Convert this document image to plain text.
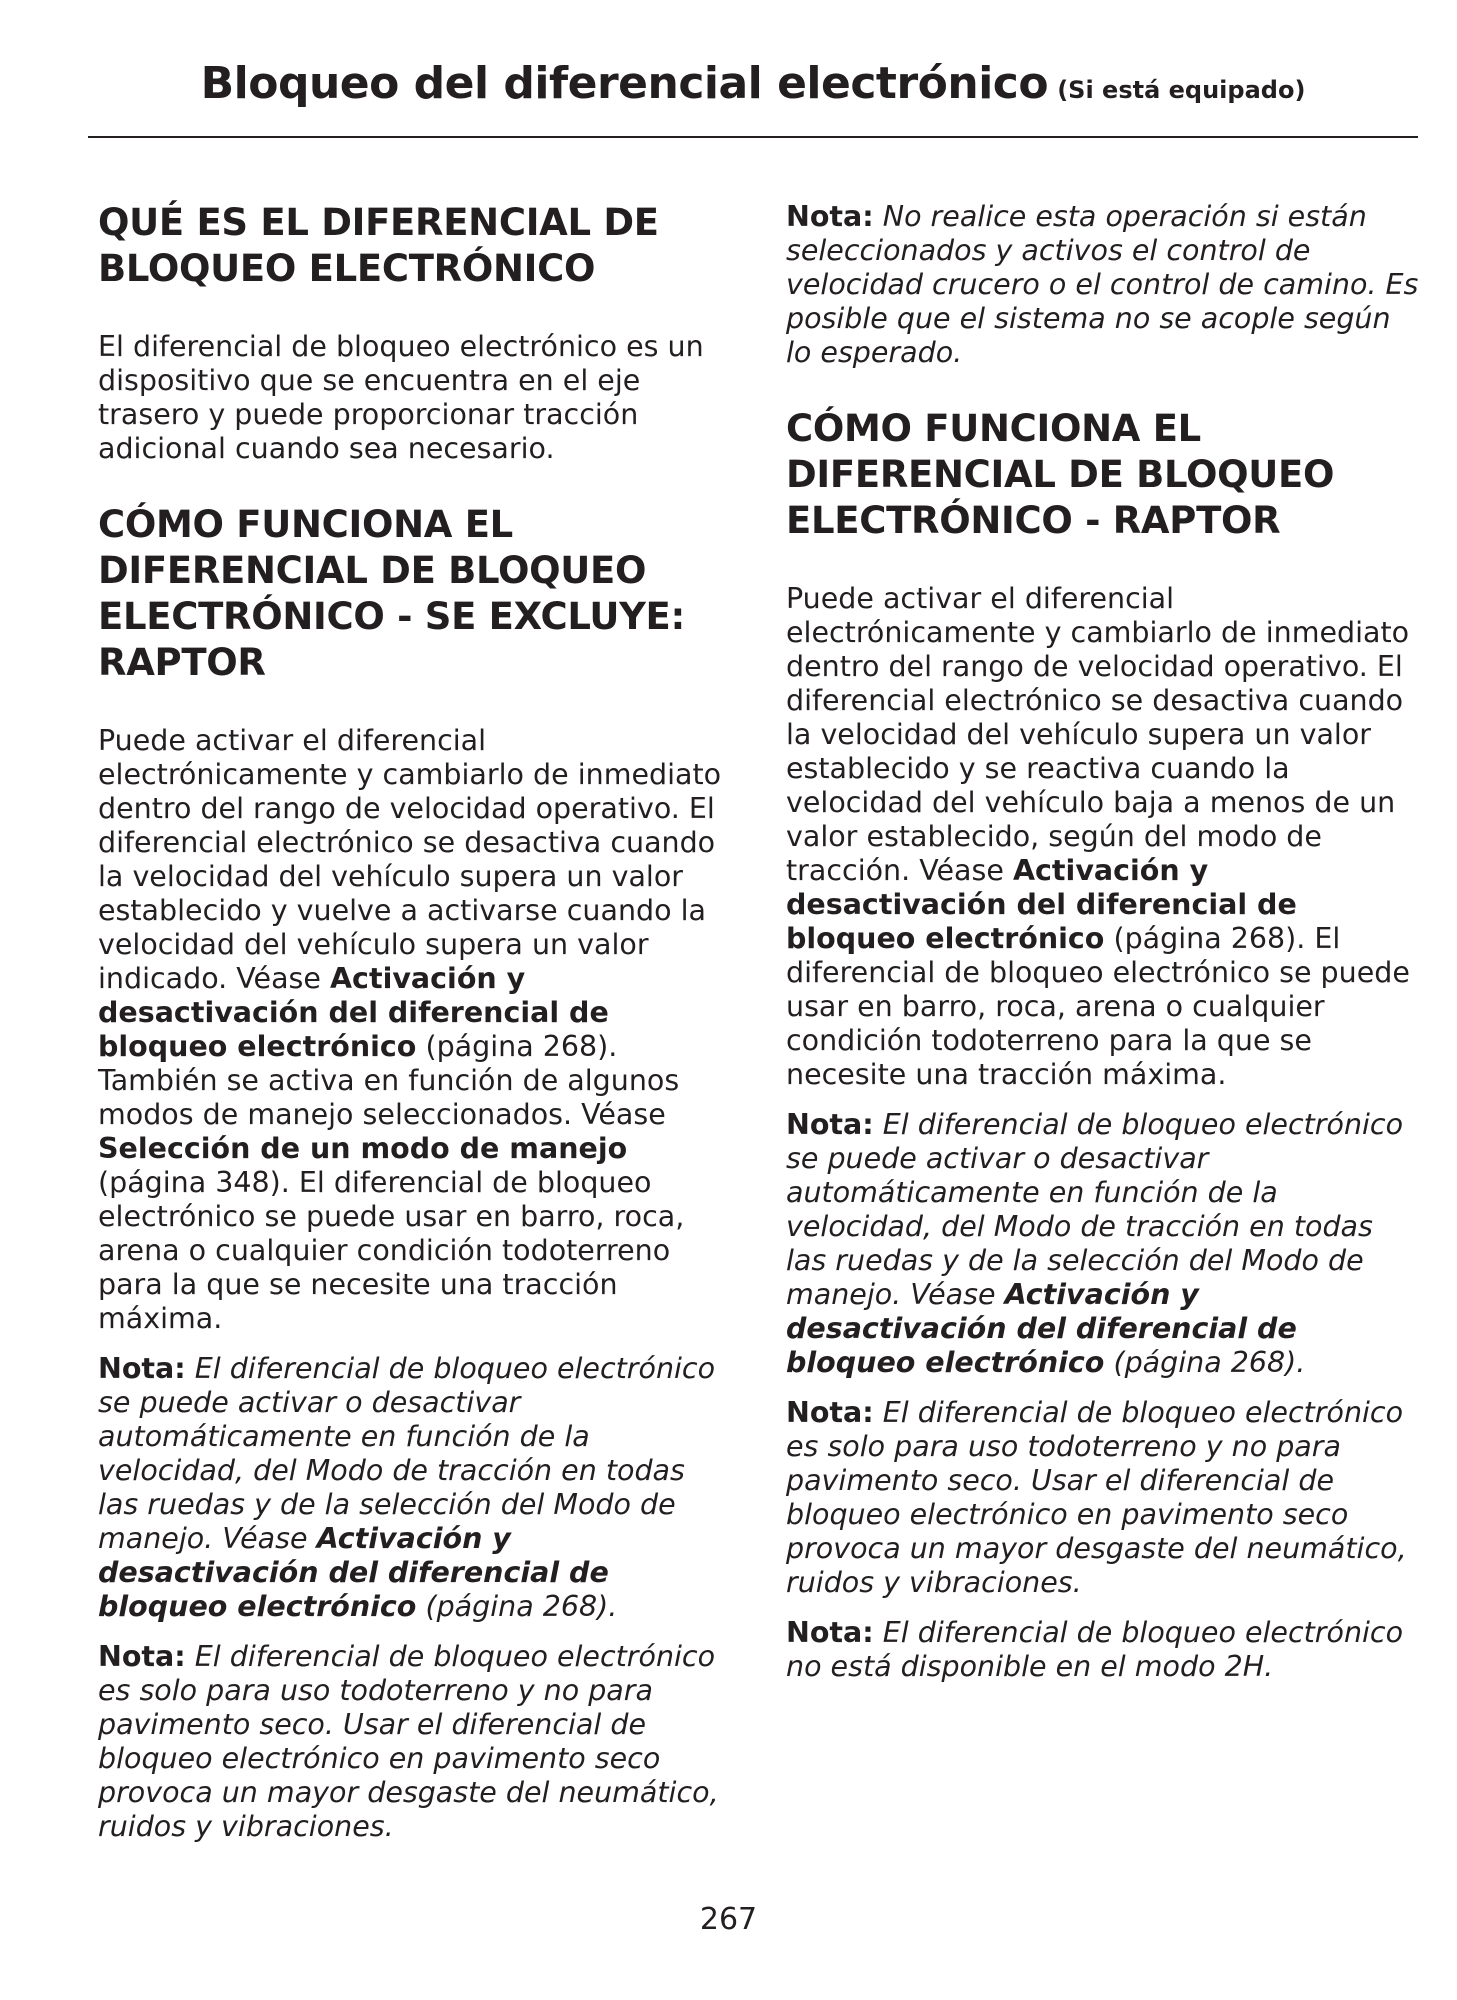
Bloqueo del diferencial electrónico (Si está equipado)
QUÉ ES EL DIFERENCIAL DE BLOQUEO ELECTRÓNICO

El diferencial de bloqueo electrónico es un dispositivo que se encuentra en el eje trasero y puede proporcionar tracción adicional cuando sea necesario.

CÓMO FUNCIONA EL DIFERENCIAL DE BLOQUEO ELECTRÓNICO - SE EXCLUYE: RAPTOR

Puede activar el diferencial electrónicamente y cambiarlo de inmediato dentro del rango de velocidad operativo. El diferencial electrónico se desactiva cuando la velocidad del vehículo supera un valor establecido y vuelve a activarse cuando la velocidad del vehículo supera un valor indicado. Véase Activación y desactivación del diferencial de bloqueo electrónico (página 268). También se activa en función de algunos modos de manejo seleccionados. Véase Selección de un modo de manejo (página 348). El diferencial de bloqueo electrónico se puede usar en barro, roca, arena o cualquier condición todoterreno para la que se necesite una tracción máxima.

Nota: El diferencial de bloqueo electrónico se puede activar o desactivar automáticamente en función de la velocidad, del Modo de tracción en todas las ruedas y de la selección del Modo de manejo. Véase Activación y desactivación del diferencial de bloqueo electrónico (página 268).

Nota: El diferencial de bloqueo electrónico es solo para uso todoterreno y no para pavimento seco. Usar el diferencial de bloqueo electrónico en pavimento seco provoca un mayor desgaste del neumático, ruidos y vibraciones.

Nota: No realice esta operación si están seleccionados y activos el control de velocidad crucero o el control de camino. Es posible que el sistema no se acople según lo esperado.

CÓMO FUNCIONA EL DIFERENCIAL DE BLOQUEO ELECTRÓNICO - RAPTOR

Puede activar el diferencial electrónicamente y cambiarlo de inmediato dentro del rango de velocidad operativo. El diferencial electrónico se desactiva cuando la velocidad del vehículo supera un valor establecido y se reactiva cuando la velocidad del vehículo baja a menos de un valor establecido, según del modo de tracción. Véase Activación y desactivación del diferencial de bloqueo electrónico (página 268). El diferencial de bloqueo electrónico se puede usar en barro, roca, arena o cualquier condición todoterreno para la que se necesite una tracción máxima.

Nota: El diferencial de bloqueo electrónico se puede activar o desactivar automáticamente en función de la velocidad, del Modo de tracción en todas las ruedas y de la selección del Modo de manejo. Véase Activación y desactivación del diferencial de bloqueo electrónico (página 268).

Nota: El diferencial de bloqueo electrónico es solo para uso todoterreno y no para pavimento seco. Usar el diferencial de bloqueo electrónico en pavimento seco provoca un mayor desgaste del neumático, ruidos y vibraciones.

Nota: El diferencial de bloqueo electrónico no está disponible en el modo 2H.

267
